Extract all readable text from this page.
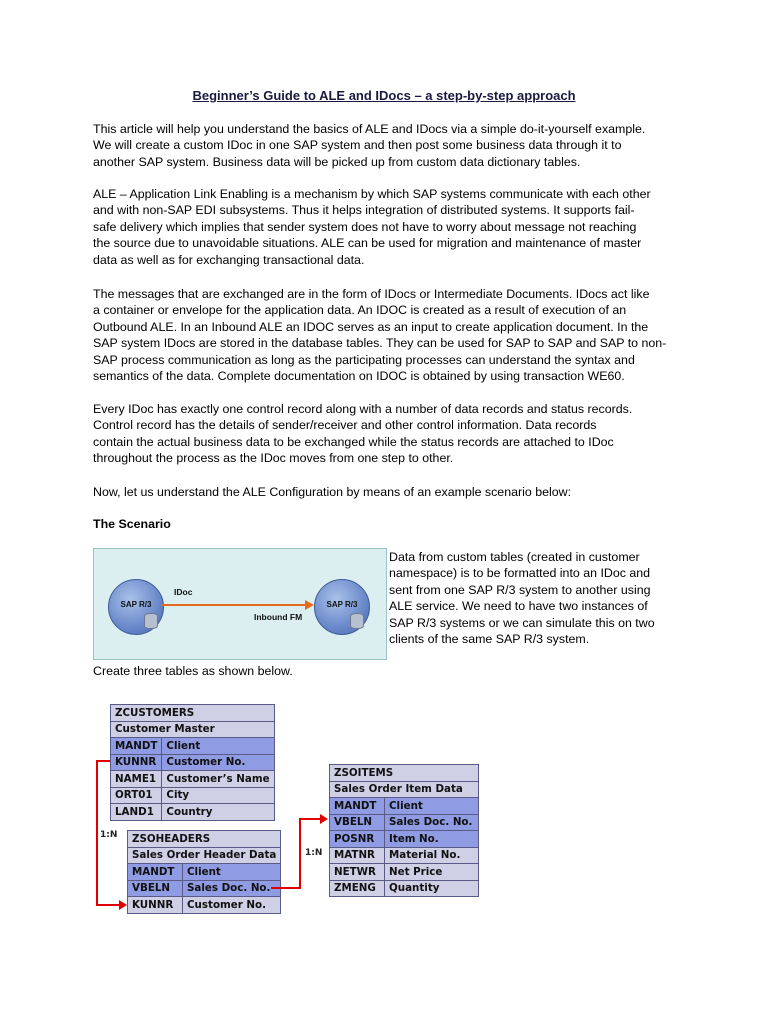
Beginner’s Guide to ALE and IDocs – a step-by-step approach
This article will help you understand the basics of ALE and IDocs via a simple do-it-yourself example.
We will create a custom IDoc in one SAP system and then post some business data through it to
another SAP system. Business data will be picked up from custom data dictionary tables.
ALE – Application Link Enabling is a mechanism by which SAP systems communicate with each other
and with non-SAP EDI subsystems. Thus it helps integration of distributed systems. It supports fail-
safe delivery which implies that sender system does not have to worry about message not reaching
the source due to unavoidable situations. ALE can be used for migration and maintenance of master
data as well as for exchanging transactional data.
The messages that are exchanged are in the form of IDocs or Intermediate Documents. IDocs act like
a container or envelope for the application data. An IDOC is created as a result of execution of an
Outbound ALE. In an Inbound ALE an IDOC serves as an input to create application document. In the
SAP system IDocs are stored in the database tables. They can be used for SAP to SAP and SAP to non-
SAP process communication as long as the participating processes can understand the syntax and
semantics of the data. Complete documentation on IDOC is obtained by using transaction WE60.
Every IDoc has exactly one control record along with a number of data records and status records.
Control record has the details of sender/receiver and other control information. Data records
contain the actual business data to be exchanged while the status records are attached to IDoc
throughout the process as the IDoc moves from one step to other.
Now, let us understand the ALE Configuration by means of an example scenario below:
The Scenario
SAP R/3	SAP R/3
IDoc
Inbound FM
Data from custom tables (created in customer
namespace) is to be formatted into an IDoc and
sent from one SAP R/3 system to another using
ALE service. We need to have two instances of
SAP R/3 systems or we can simulate this on two
clients of the same SAP R/3 system.
Create three tables as shown below.
ZCUSTOMERS	
Customer Master	
MANDT	Client
KUNNR	Customer No.
NAME1	Customer’s Name
ORT01	City
LAND1	Country
ZSOHEADERS	
Sales Order Header Data	
MANDT	Client
VBELN	Sales Doc. No.
KUNNR	Customer No.
ZSOITEMS	
Sales Order Item Data	
MANDT	Client
VBELN	Sales Doc. No.
POSNR	Item No.
MATNR	Material No.
NETWR	Net Price
ZMENG	Quantity
1:N
1:N
